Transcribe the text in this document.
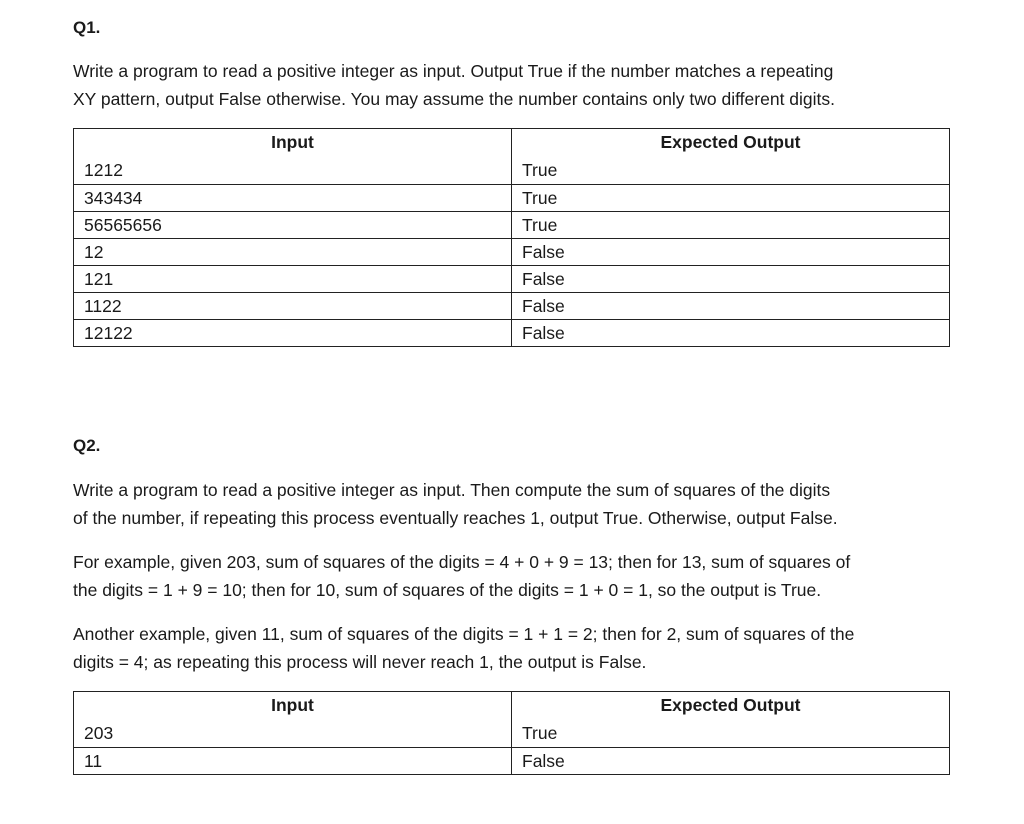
Q1.

Write a program to read a positive integer as input. Output True if the number matches a repeating
XY pattern, output False otherwise. You may assume the number contains only two different digits.

Input	Expected Output
1212	True
343434	True
56565656	True
12	False
121	False
1122	False
12122	False
Q2.

Write a program to read a positive integer as input. Then compute the sum of squares of the digits
of the number, if repeating this process eventually reaches 1, output True. Otherwise, output False.

For example, given 203, sum of squares of the digits = 4 + 0 + 9 = 13; then for 13, sum of squares of
the digits = 1 + 9 = 10; then for 10, sum of squares of the digits = 1 + 0 = 1, so the output is True.

Another example, given 11, sum of squares of the digits = 1 + 1 = 2; then for 2, sum of squares of the
digits = 4; as repeating this process will never reach 1, the output is False.

Input	Expected Output
203	True
11	False
